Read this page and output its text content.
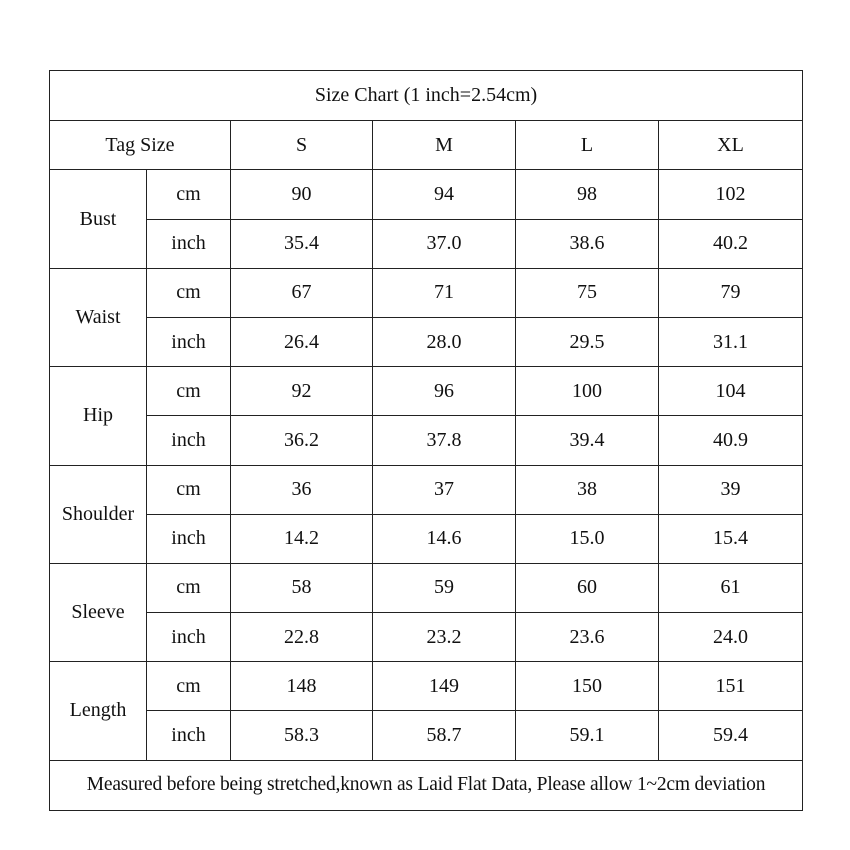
Size Chart (1 inch=2.54cm)					
Tag Size		S	M	L	XL
Bust	cm	90	94	98	102
	inch	35.4	37.0	38.6	40.2
Waist	cm	67	71	75	79
	inch	26.4	28.0	29.5	31.1
Hip	cm	92	96	100	104
	inch	36.2	37.8	39.4	40.9
Shoulder	cm	36	37	38	39
	inch	14.2	14.6	15.0	15.4
Sleeve	cm	58	59	60	61
	inch	22.8	23.2	23.6	24.0
Length	cm	148	149	150	151
	inch	58.3	58.7	59.1	59.4
Measured before being stretched,known as Laid Flat Data, Please allow 1~2cm deviation					
